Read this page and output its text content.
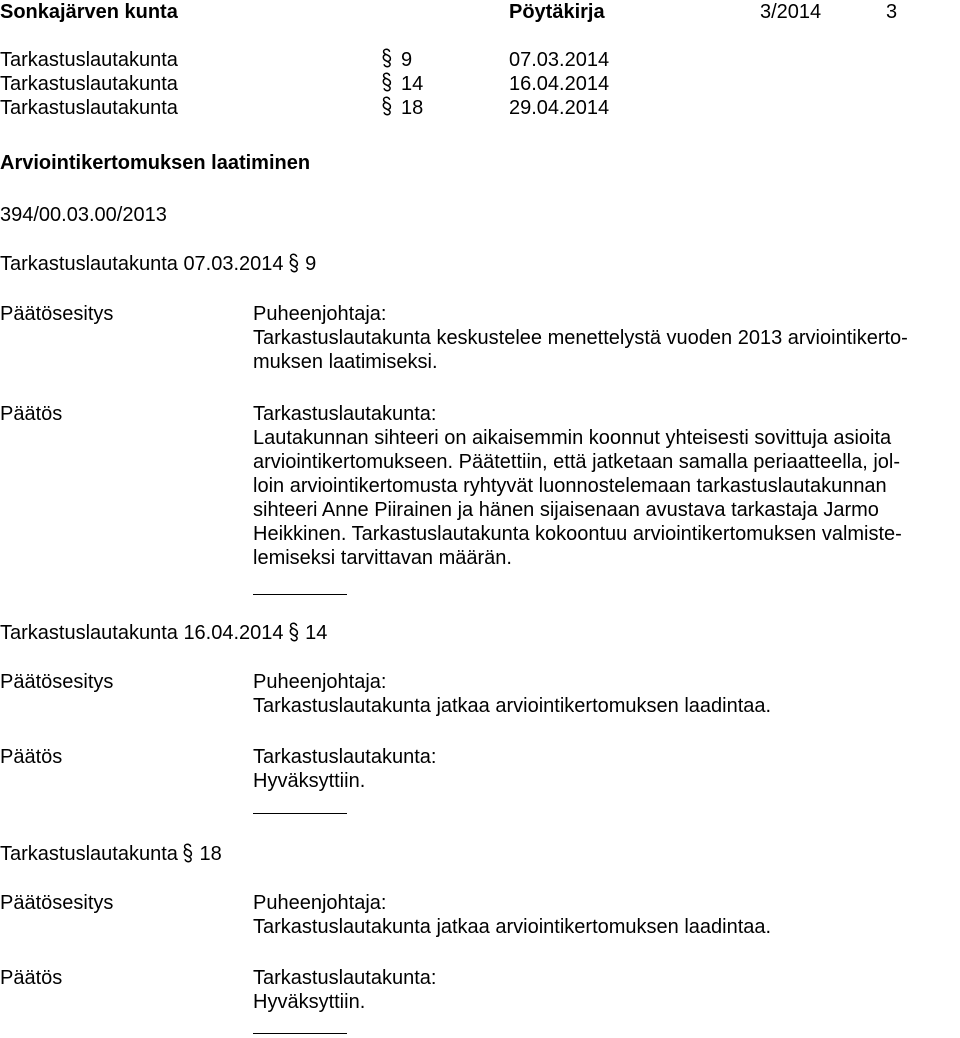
Sonkajärven kunta	Pöytäkirja	3/2014	3
Tarkastuslautakunta	9	07.03.2014
Tarkastuslautakunta	14	16.04.2014
Tarkastuslautakunta	18	29.04.2014
Arviointikertomuksen laatiminen
394/00.03.00/2013
Tarkastuslautakunta 07.03.2014 9
Päätösesitys	Puheenjohtaja:
Tarkastuslautakunta keskustelee menettelystä vuoden 2013 arviointikerto-
muksen laatimiseksi.
Päätös	Tarkastuslautakunta:
Lautakunnan sihteeri on aikaisemmin koonnut yhteisesti sovittuja asioita
arviointikertomukseen. Päätettiin, että jatketaan samalla periaatteella, jol-
loin arviointikertomusta ryhtyvät luonnostelemaan tarkastuslautakunnan
sihteeri Anne Piirainen ja hänen sijaisenaan avustava tarkastaja Jarmo
Heikkinen. Tarkastuslautakunta kokoontuu arviointikertomuksen valmiste-
lemiseksi tarvittavan määrän.
Tarkastuslautakunta 16.04.2014 14
Päätösesitys	Puheenjohtaja:
Tarkastuslautakunta jatkaa arviointikertomuksen laadintaa.
Päätös	Tarkastuslautakunta:
Hyväksyttiin.
Tarkastuslautakunta 18
Päätösesitys	Puheenjohtaja:
Tarkastuslautakunta jatkaa arviointikertomuksen laadintaa.
Päätös	Tarkastuslautakunta:
Hyväksyttiin.
